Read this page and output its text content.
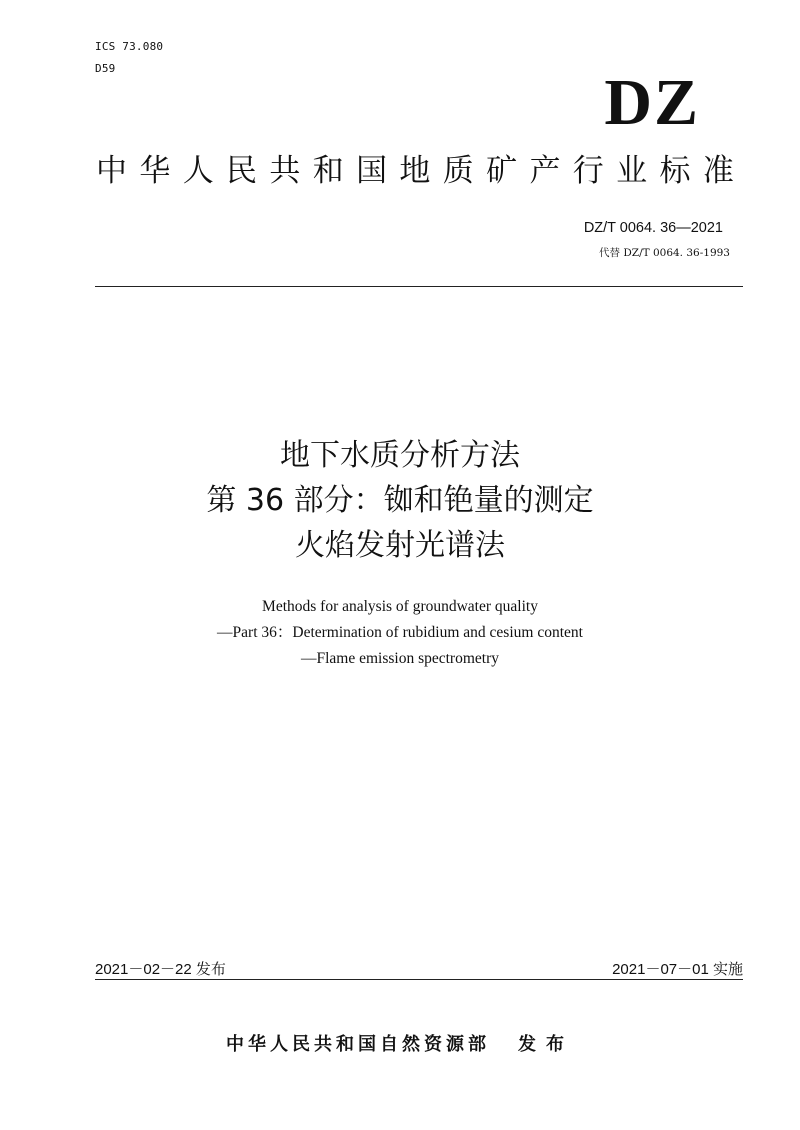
ICS 73.080
D59	DZ
中 华 人 民 共 和 国 地 质 矿 产 行 业 标 准
DZ/T 0064. 36—2021
代替 DZ/T 0064. 36-1993
地下水质分析方法
第 36 部分：铷和铯量的测定
火焰发射光谱法
Methods for analysis of groundwater quality
—Part 36：Determination of rubidium and cesium content
—Flame emission spectrometry
2021－02－22 发布	2021－07－01 实施
中华人民共和国自然资源部 发布
